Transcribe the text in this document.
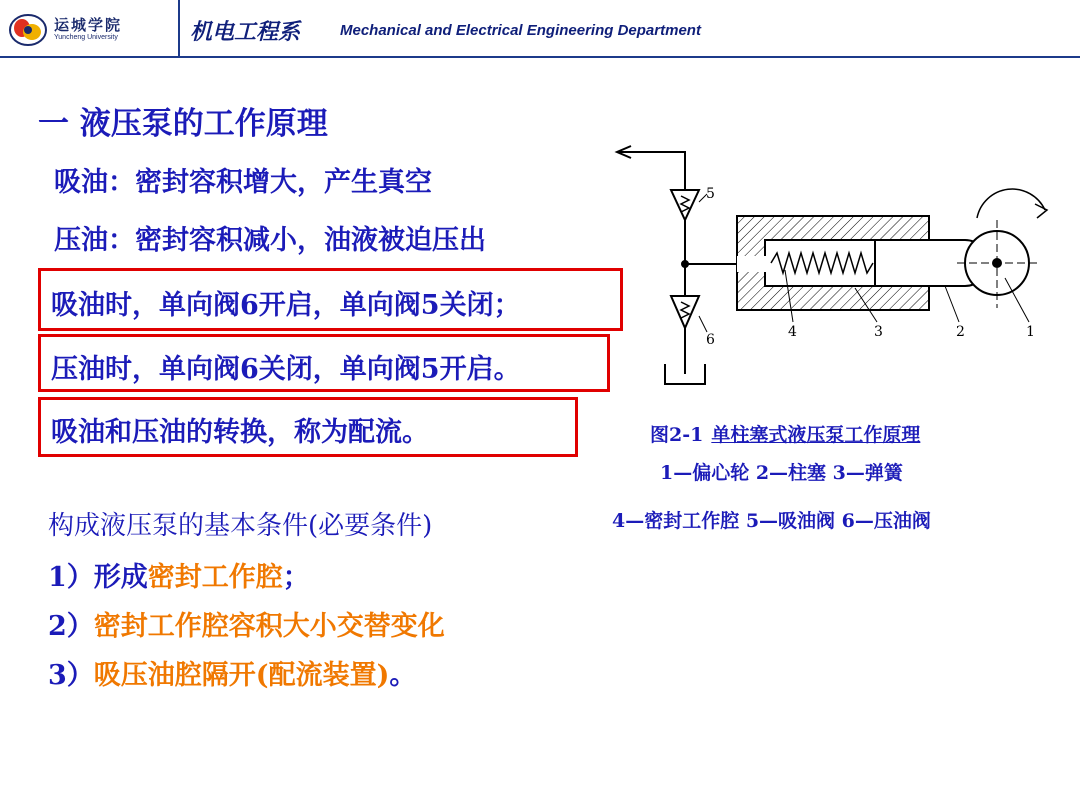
运城学院
Yuncheng University	机电工程系	Mechanical and Electrical Engineering Department
一 液压泵的工作原理
吸油：密封容积增大，产生真空
压油：密封容积减小，油液被迫压出
吸油时，单向阀6开启，单向阀5关闭；
压油时，单向阀6关闭，单向阀5开启。
吸油和压油的转换，称为配流。
构成液压泵的基本条件(必要条件)
1）形成密封工作腔；
2）密封工作腔容积大小交替变化
3）吸压油腔隔开(配流装置)。
5
4	3	2	1
6
图2-1 单柱塞式液压泵工作原理
1—偏心轮 2—柱塞 3—弹簧
4—密封工作腔 5—吸油阀 6—压油阀
